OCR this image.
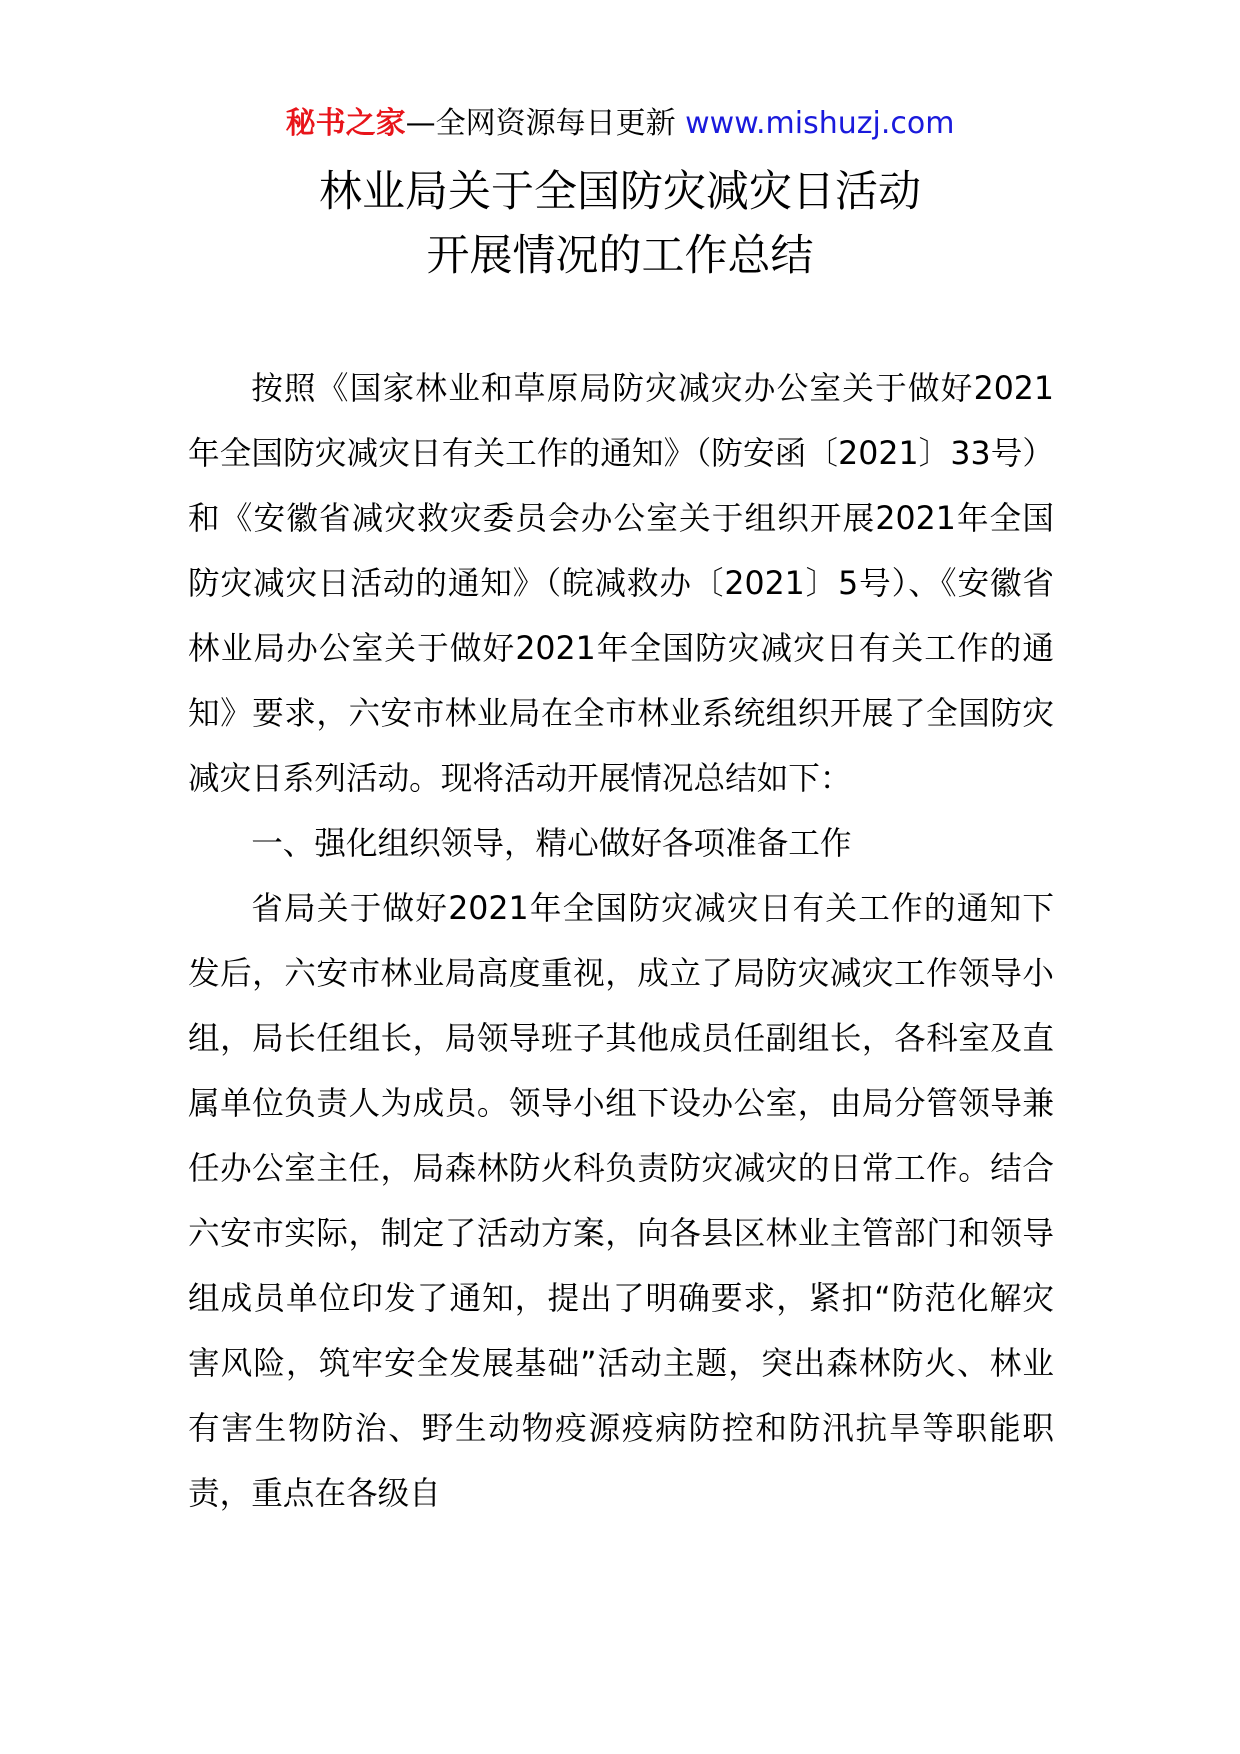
秘书之家—全网资源每日更新 www.mishuzj.com
林业局关于全国防灾减灾日活动
开展情况的工作总结

按照《国家林业和草原局防灾减灾办公室关于做好2021年全国防灾减灾日有关工作的通知》（防安函〔2021〕33号）和《安徽省减灾救灾委员会办公室关于组织开展2021年全国防灾减灾日活动的通知》（皖减救办〔2021〕5号）、《安徽省林业局办公室关于做好2021年全国防灾减灾日有关工作的通知》要求，六安市林业局在全市林业系统组织开展了全国防灾减灾日系列活动。现将活动开展情况总结如下：

一、强化组织领导，精心做好各项准备工作

省局关于做好2021年全国防灾减灾日有关工作的通知下发后，六安市林业局高度重视，成立了局防灾减灾工作领导小组，局长任组长，局领导班子其他成员任副组长，各科室及直属单位负责人为成员。领导小组下设办公室，由局分管领导兼任办公室主任，局森林防火科负责防灾减灾的日常工作。结合六安市实际，制定了活动方案，向各县区林业主管部门和领导组成员单位印发了通知，提出了明确要求，紧扣“防范化解灾害风险，筑牢安全发展基础”活动主题，突出森林防火、林业有害生物防治、野生动物疫源疫病防控和防汛抗旱等职能职责，重点在各级自
